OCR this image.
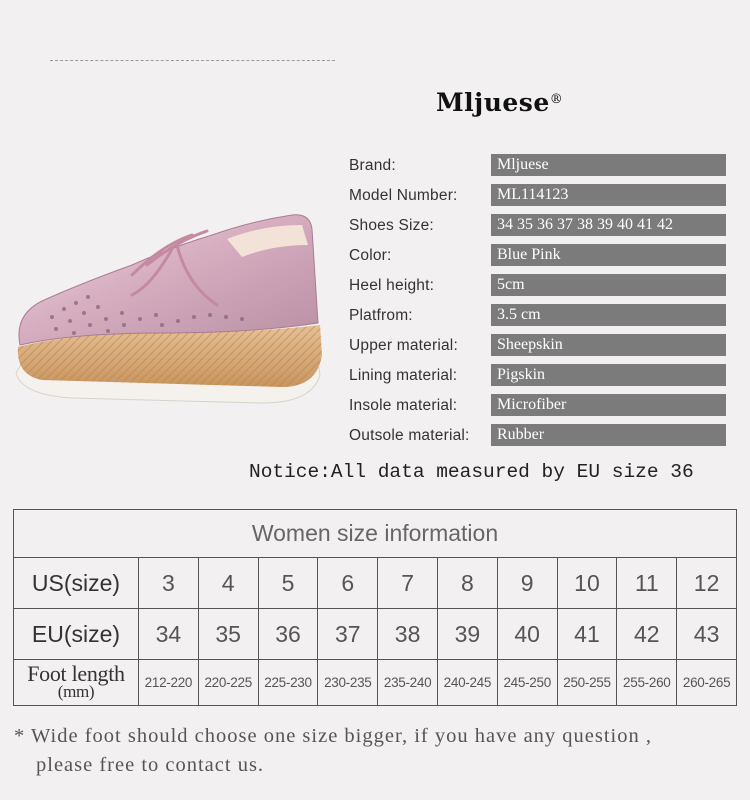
Mljuese®
Brand:	Mljuese
Model Number:	ML114123
Shoes Size:	34 35 36 37 38 39 40 41 42
Color:	Blue Pink
Heel height:	5cm
Platfrom:	3.5 cm
Upper material:	Sheepskin
Lining material:	Pigskin
Insole material:	Microfiber
Outsole material:	Rubber
Notice:All data measured by EU size 36
Women size information										
US(size)	3	4	5	6	7	8	9	10	11	12
EU(size)	34	35	36	37	38	39	40	41	42	43

Foot length
(mm)	212-220	220-225	225-230	230-235	235-240	240-245	245-250	250-255	255-260	260-265
* Wide foot should choose one size bigger, if you have any question ,
please free to contact us.
